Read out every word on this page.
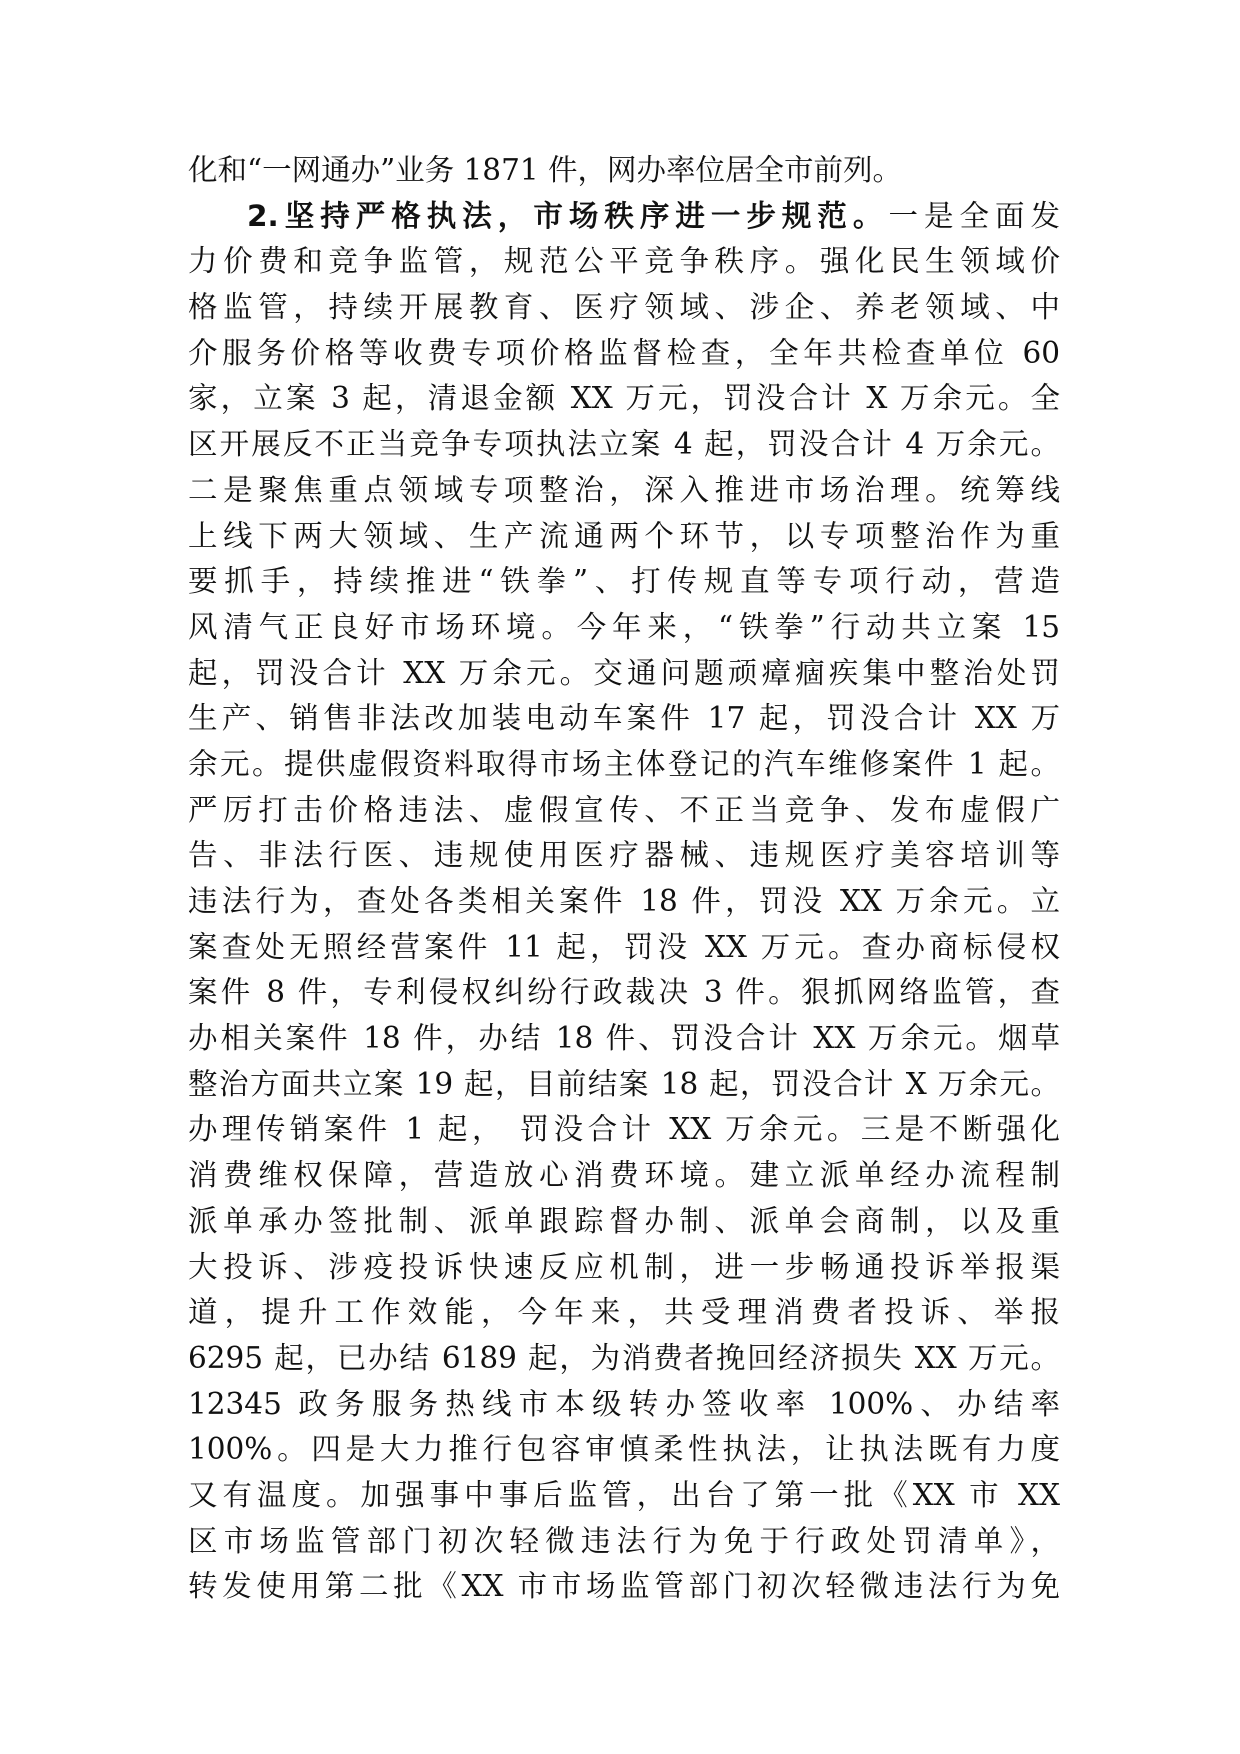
化和“一网通办”业务 1871 件，网办率位居全市前列。
2.坚持严格执法，市场秩序进一步规范。一是全面发
力价费和竞争监管，规范公平竞争秩序。强化民生领域价
格监管，持续开展教育、医疗领域、涉企、养老领域、中
介服务价格等收费专项价格监督检查，全年共检查单位 60
家，立案 3 起，清退金额 XX 万元，罚没合计 X 万余元。全
区开展反不正当竞争专项执法立案 4 起，罚没合计 4 万余元。
二是聚焦重点领域专项整治，深入推进市场治理。统筹线
上线下两大领域、生产流通两个环节，以专项整治作为重
要抓手，持续推进“铁拳”、打传规直等专项行动，营造
风清气正良好市场环境。今年来，“铁拳”行动共立案 15
起，罚没合计 XX 万余元。交通问题顽瘴痼疾集中整治处罚
生产、销售非法改加装电动车案件 17 起，罚没合计 XX 万
余元。提供虚假资料取得市场主体登记的汽车维修案件 1 起。
严厉打击价格违法、虚假宣传、不正当竞争、发布虚假广
告、非法行医、违规使用医疗器械、违规医疗美容培训等
违法行为，查处各类相关案件 18 件，罚没 XX 万余元。立
案查处无照经营案件 11 起，罚没 XX 万元。查办商标侵权
案件 8 件，专利侵权纠纷行政裁决 3 件。狠抓网络监管，查
办相关案件 18 件，办结 18 件、罚没合计 XX 万余元。烟草
整治方面共立案 19 起，目前结案 18 起，罚没合计 X 万余元。
办理传销案件 1 起， 罚没合计 XX 万余元。三是不断强化
消费维权保障，营造放心消费环境。建立派单经办流程制
派单承办签批制、派单跟踪督办制、派单会商制，以及重
大投诉、涉疫投诉快速反应机制，进一步畅通投诉举报渠
道，提升工作效能，今年来，共受理消费者投诉、举报
6295 起，已办结 6189 起，为消费者挽回经济损失 XX 万元。
12345 政务服务热线市本级转办签收率 100%、办结率
100%。四是大力推行包容审慎柔性执法，让执法既有力度
又有温度。加强事中事后监管，出台了第一批《XX 市 XX
区市场监管部门初次轻微违法行为免于行政处罚清单》，
转发使用第二批《XX 市市场监管部门初次轻微违法行为免
